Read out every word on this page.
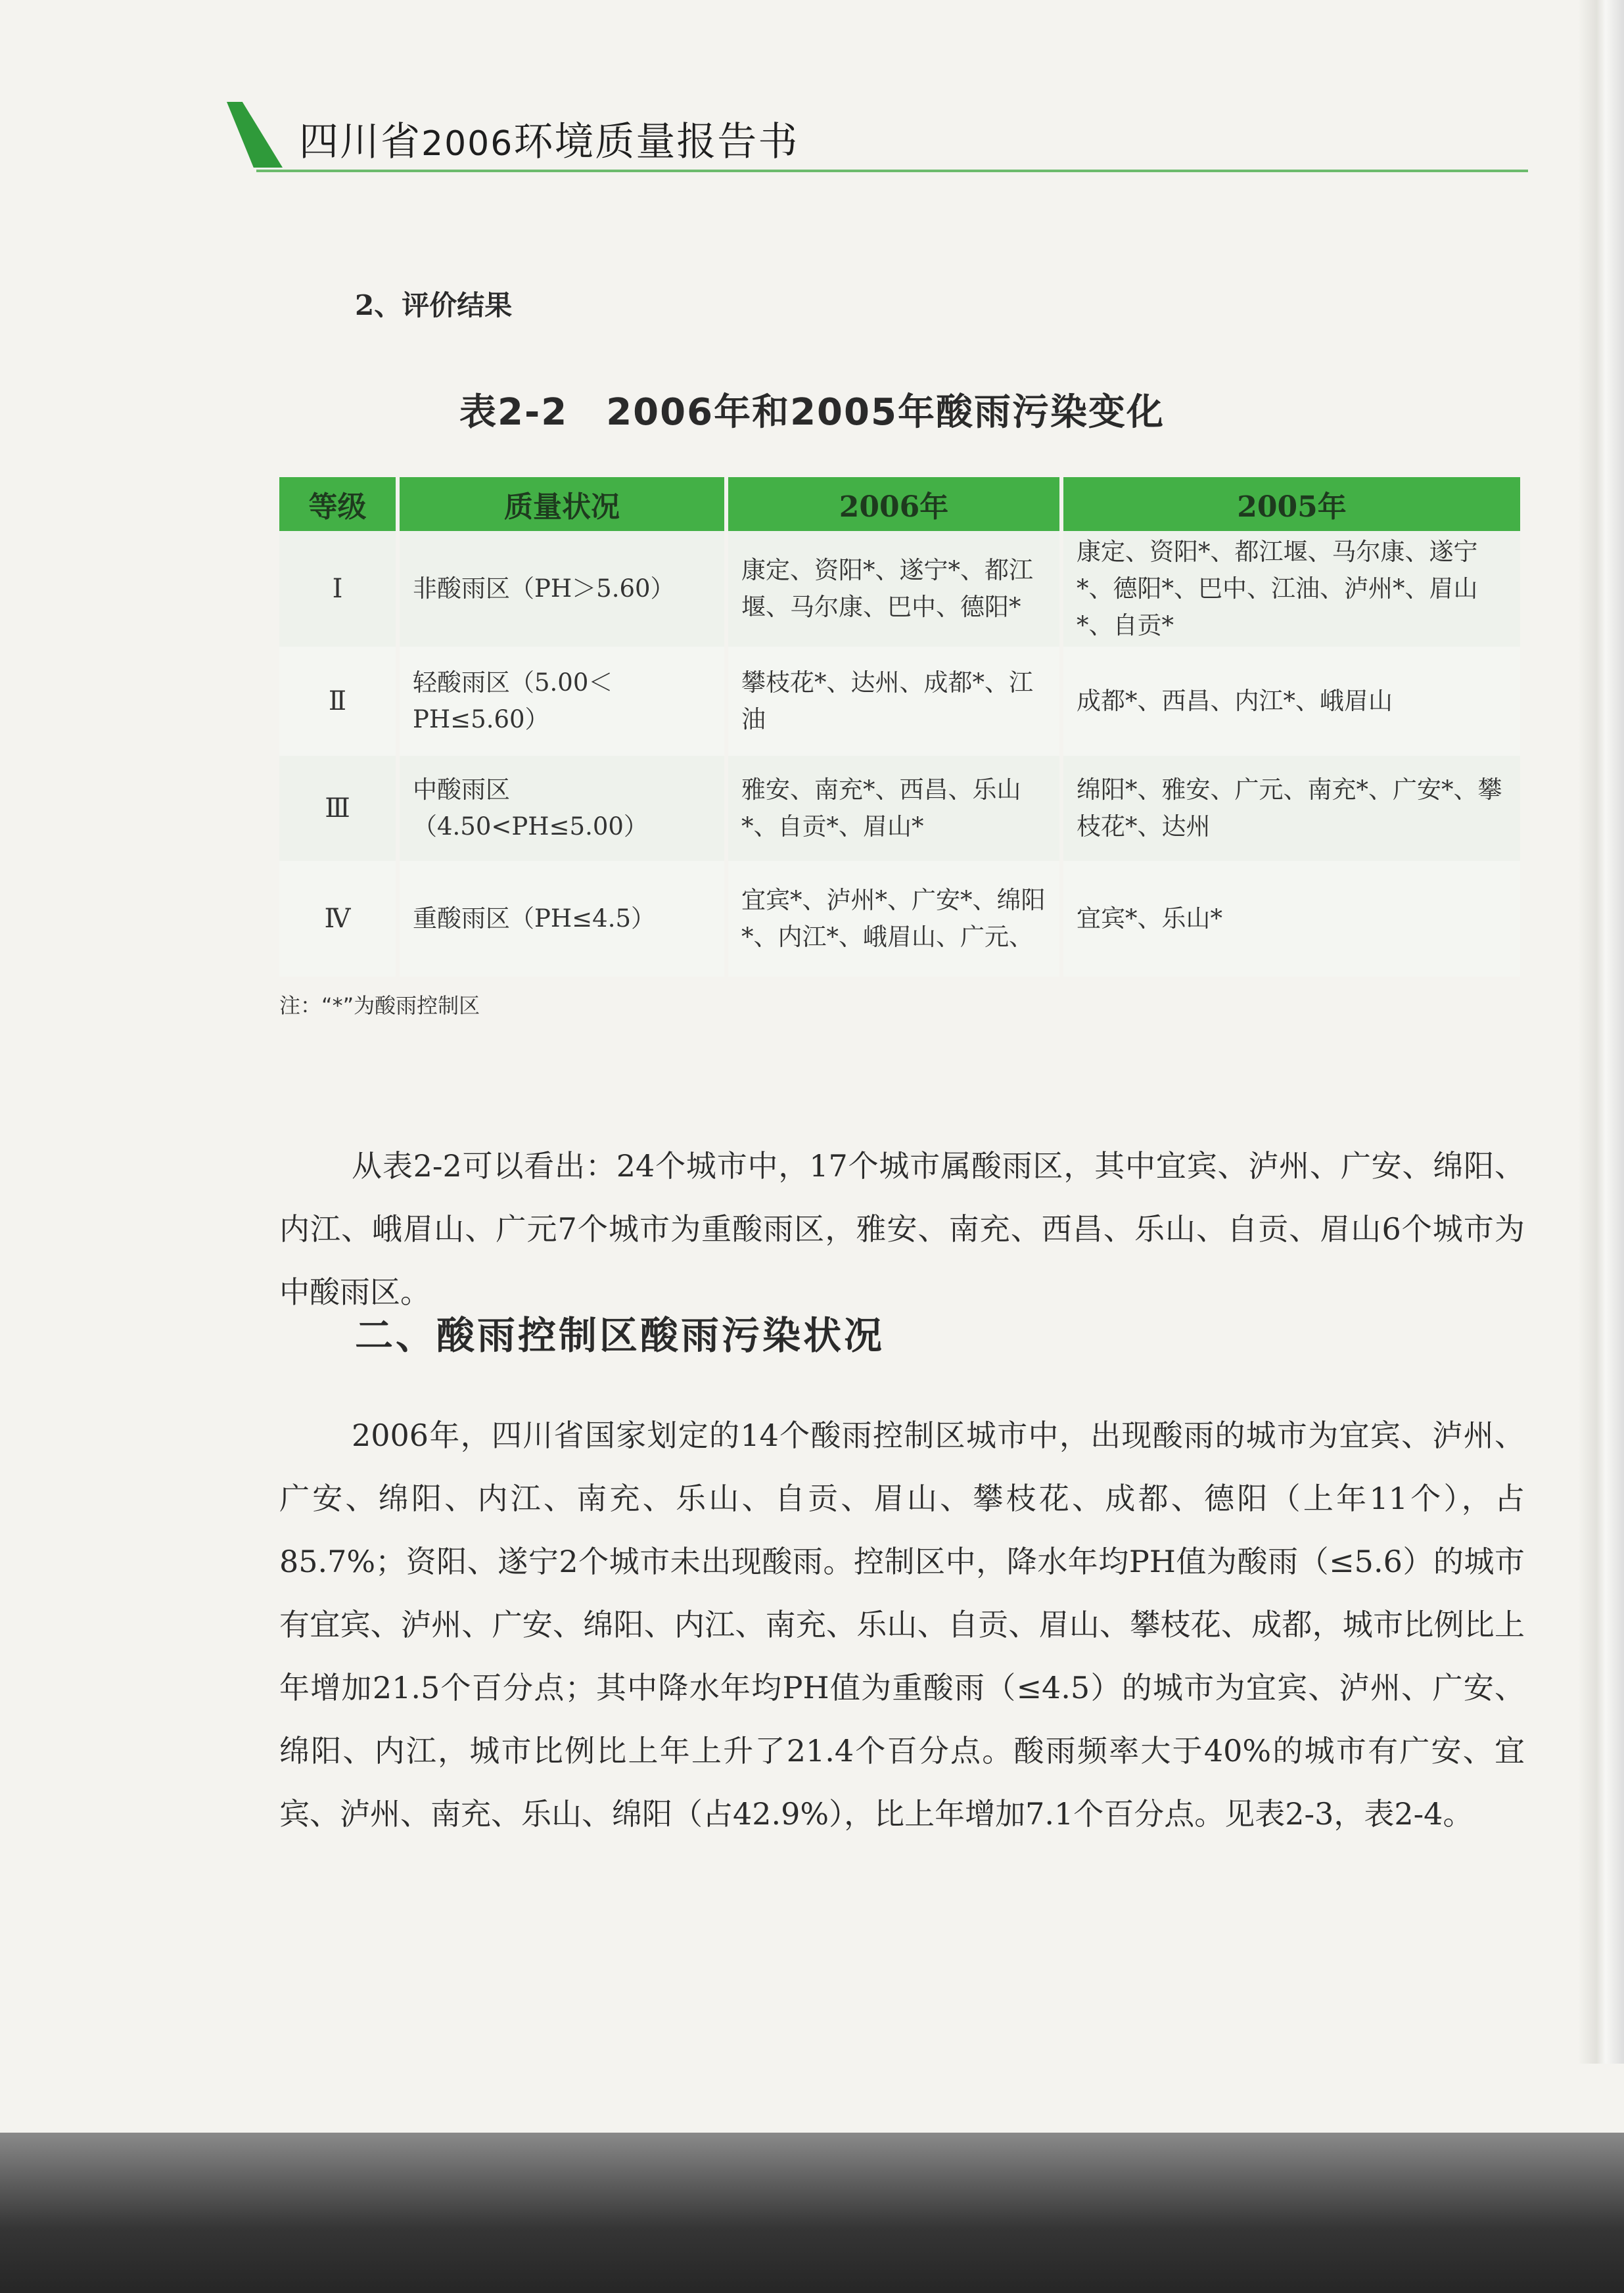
四川省2006环境质量报告书
2、评价结果
表2-2　2006年和2005年酸雨污染变化
等级	质量状况	2006年	2005年
Ⅰ	非酸雨区（PH＞5.60）	康定、资阳*、遂宁*、都江堰、马尔康、巴中、德阳*	康定、资阳*、都江堰、马尔康、遂宁*、德阳*、巴中、江油、泸州*、眉山*、自贡*
Ⅱ	轻酸雨区（5.00＜PH≤5.60）	攀枝花*、达州、成都*、江油	成都*、西昌、内江*、峨眉山
Ⅲ	中酸雨区（4.50<PH≤5.00）	雅安、南充*、西昌、乐山*、自贡*、眉山*	绵阳*、雅安、广元、南充*、广安*、攀枝花*、达州
Ⅳ	重酸雨区（PH≤4.5）	宜宾*、泸州*、广安*、绵阳*、内江*、峨眉山、广元、	宜宾*、乐山*
注：“*”为酸雨控制区

从表2-2可以看出：24个城市中，17个城市属酸雨区，其中宜宾、泸州、广安、绵阳、内江、峨眉山、广元7个城市为重酸雨区，雅安、南充、西昌、乐山、自贡、眉山6个城市为中酸雨区。

二、酸雨控制区酸雨污染状况

2006年，四川省国家划定的14个酸雨控制区城市中，出现酸雨的城市为宜宾、泸州、广安、绵阳、内江、南充、乐山、自贡、眉山、攀枝花、成都、德阳（上年11个），占85.7%；资阳、遂宁2个城市未出现酸雨。控制区中，降水年均PH值为酸雨（≤5.6）的城市有宜宾、泸州、广安、绵阳、内江、南充、乐山、自贡、眉山、攀枝花、成都，城市比例比上年增加21.5个百分点；其中降水年均PH值为重酸雨（≤4.5）的城市为宜宾、泸州、广安、绵阳、内江，城市比例比上年上升了21.4个百分点。酸雨频率大于40%的城市有广安、宜宾、泸州、南充、乐山、绵阳（占42.9%），比上年增加7.1个百分点。见表2-3，表2-4。
